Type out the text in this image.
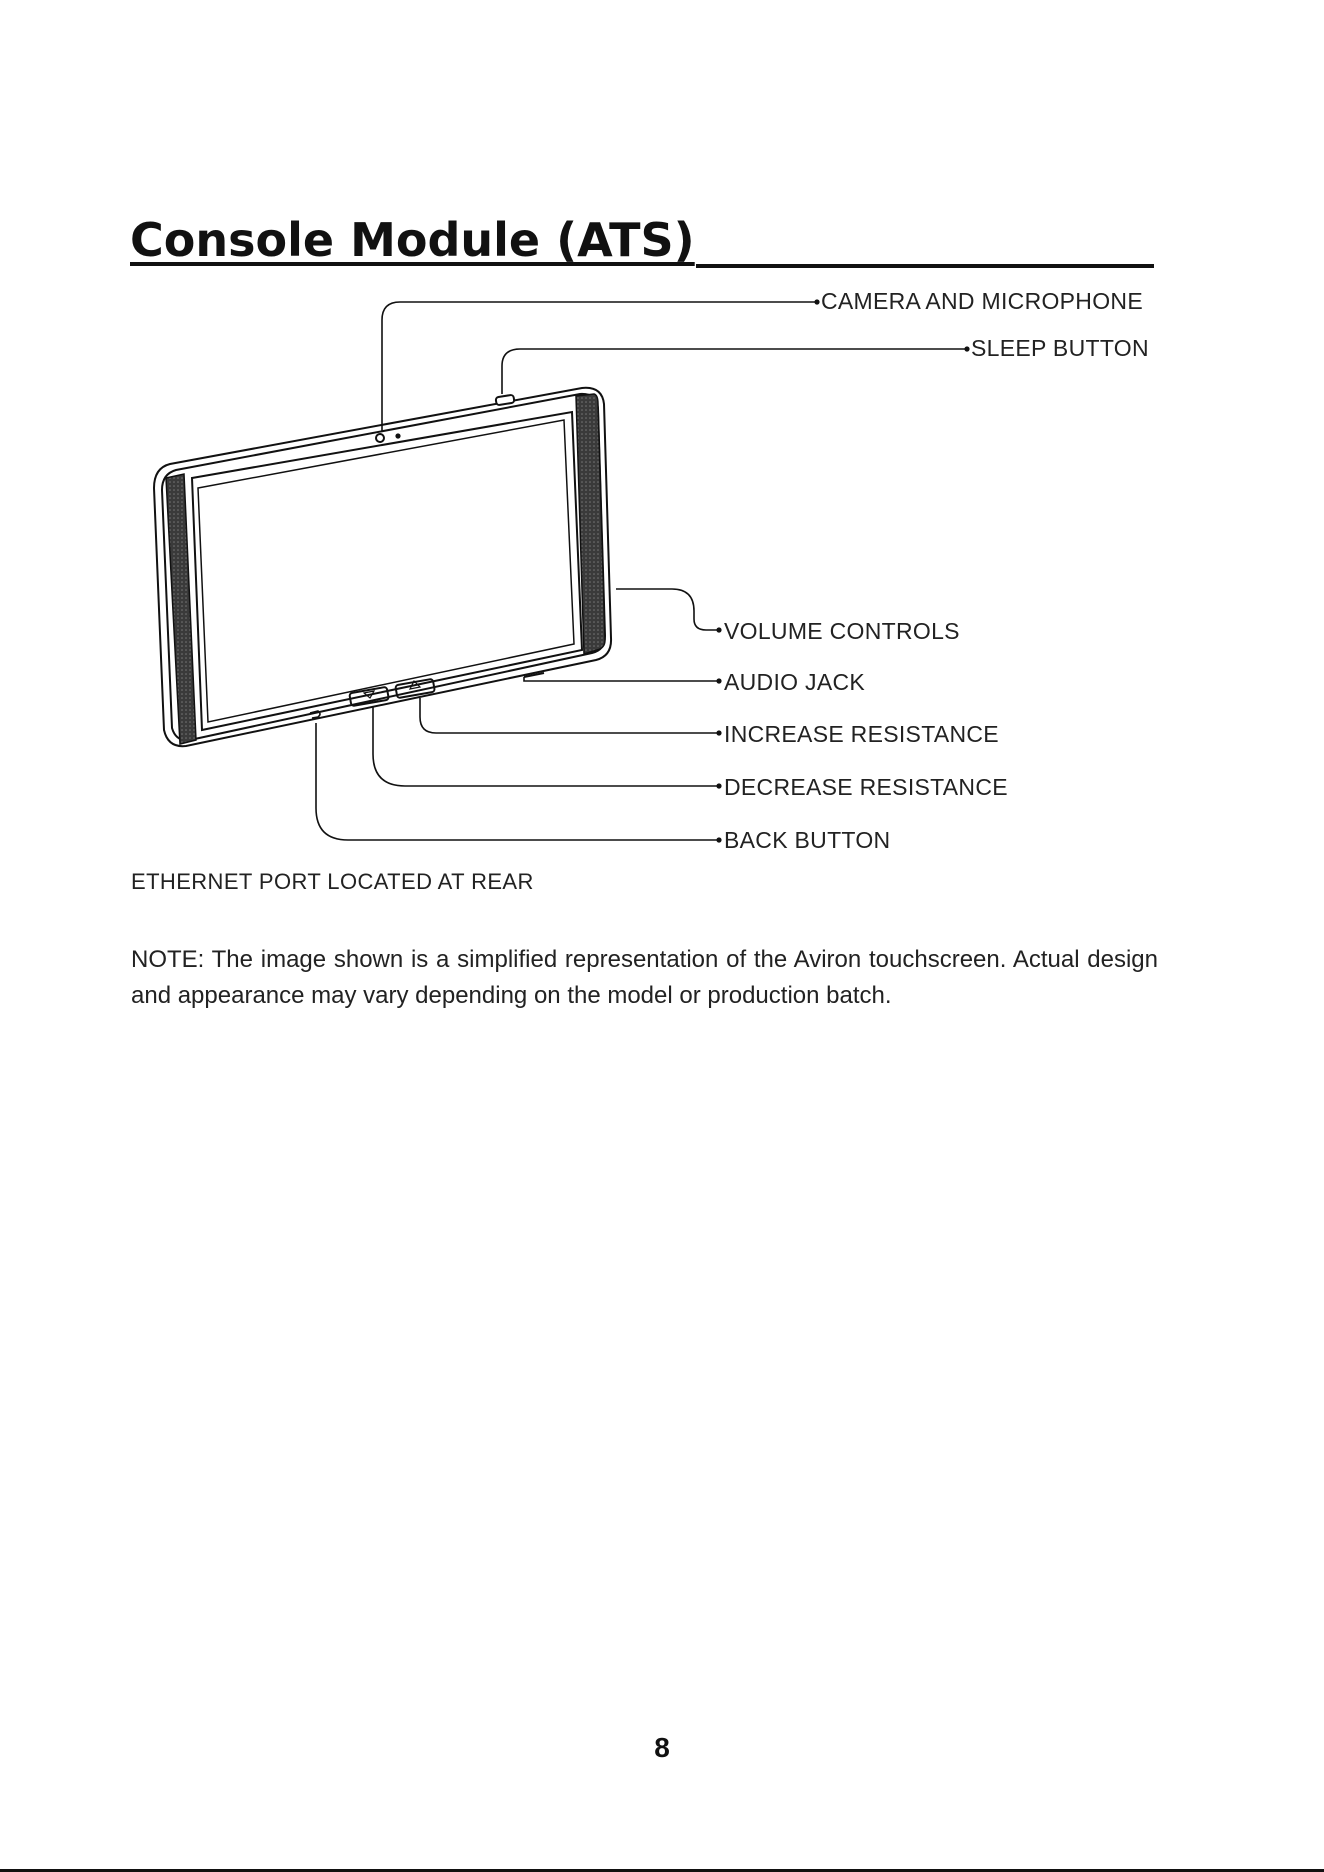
Console Module (ATS)
CAMERA AND MICROPHONE
SLEEP BUTTON
VOLUME CONTROLS
AUDIO JACK
INCREASE RESISTANCE
DECREASE RESISTANCE
BACK BUTTON
ETHERNET PORT LOCATED AT REAR
NOTE: The image shown is a simplified representation of the Aviron touchscreen. Actual design and appearance may vary depending on the model or production batch.
8
